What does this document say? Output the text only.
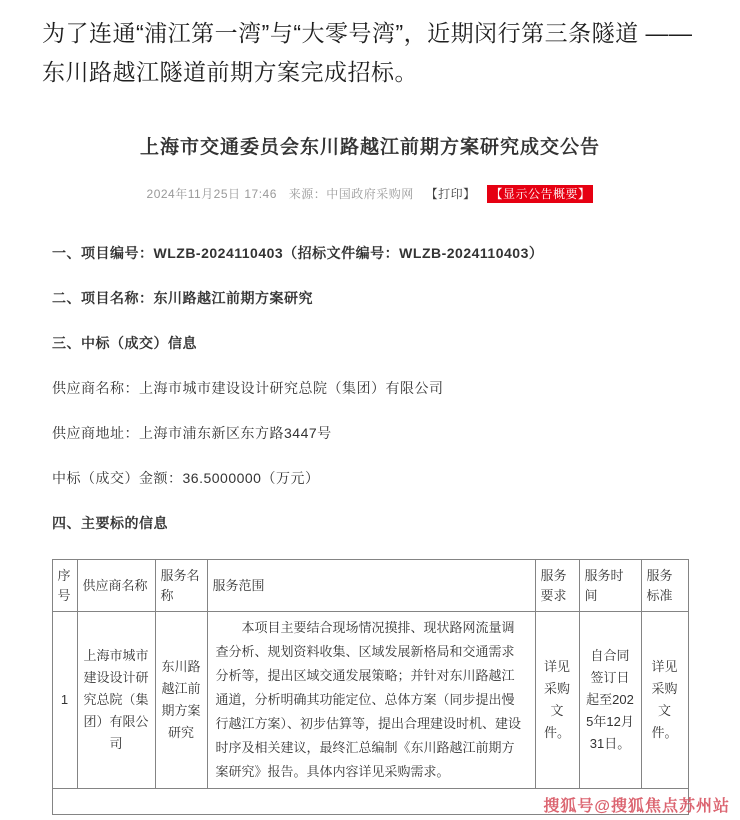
为了连通“浦江第一湾”与“大零号湾”，近期闵行第三条隧道 —— 东川路越江隧道前期方案完成招标。

上海市交通委员会东川路越江前期方案研究成交公告
2024年11月25日 17:46 来源：中国政府采购网 【打印】 【显示公告概要】

一、项目编号：WLZB-2024110403（招标文件编号：WLZB-2024110403）

二、项目名称：东川路越江前期方案研究

三、中标（成交）信息

供应商名称：上海市城市建设设计研究总院（集团）有限公司

供应商地址：上海市浦东新区东方路3447号

中标（成交）金额：36.5000000（万元）

四、主要标的信息

序号	供应商名称	服务名称	服务范围	服务要求	服务时间	服务标准
1	上海市城市建设设计研究总院（集团）有限公司	东川路越江前期方案研究	本项目主要结合现场情况摸排、现状路网流量调查分析、规划资料收集、区域发展新格局和交通需求分析等，提出区域交通发展策略；并针对东川路越江通道，分析明确其功能定位、总体方案（同步提出慢行越江方案）、初步估算等，提出合理建设时机、建设时序及相关建议，最终汇总编制《东川路越江前期方案研究》报告。具体内容详见采购需求。	详见采购文件。	自合同签订日起至2025年12月31日。	详见采购文件。

搜狐号@搜狐焦点苏州站
